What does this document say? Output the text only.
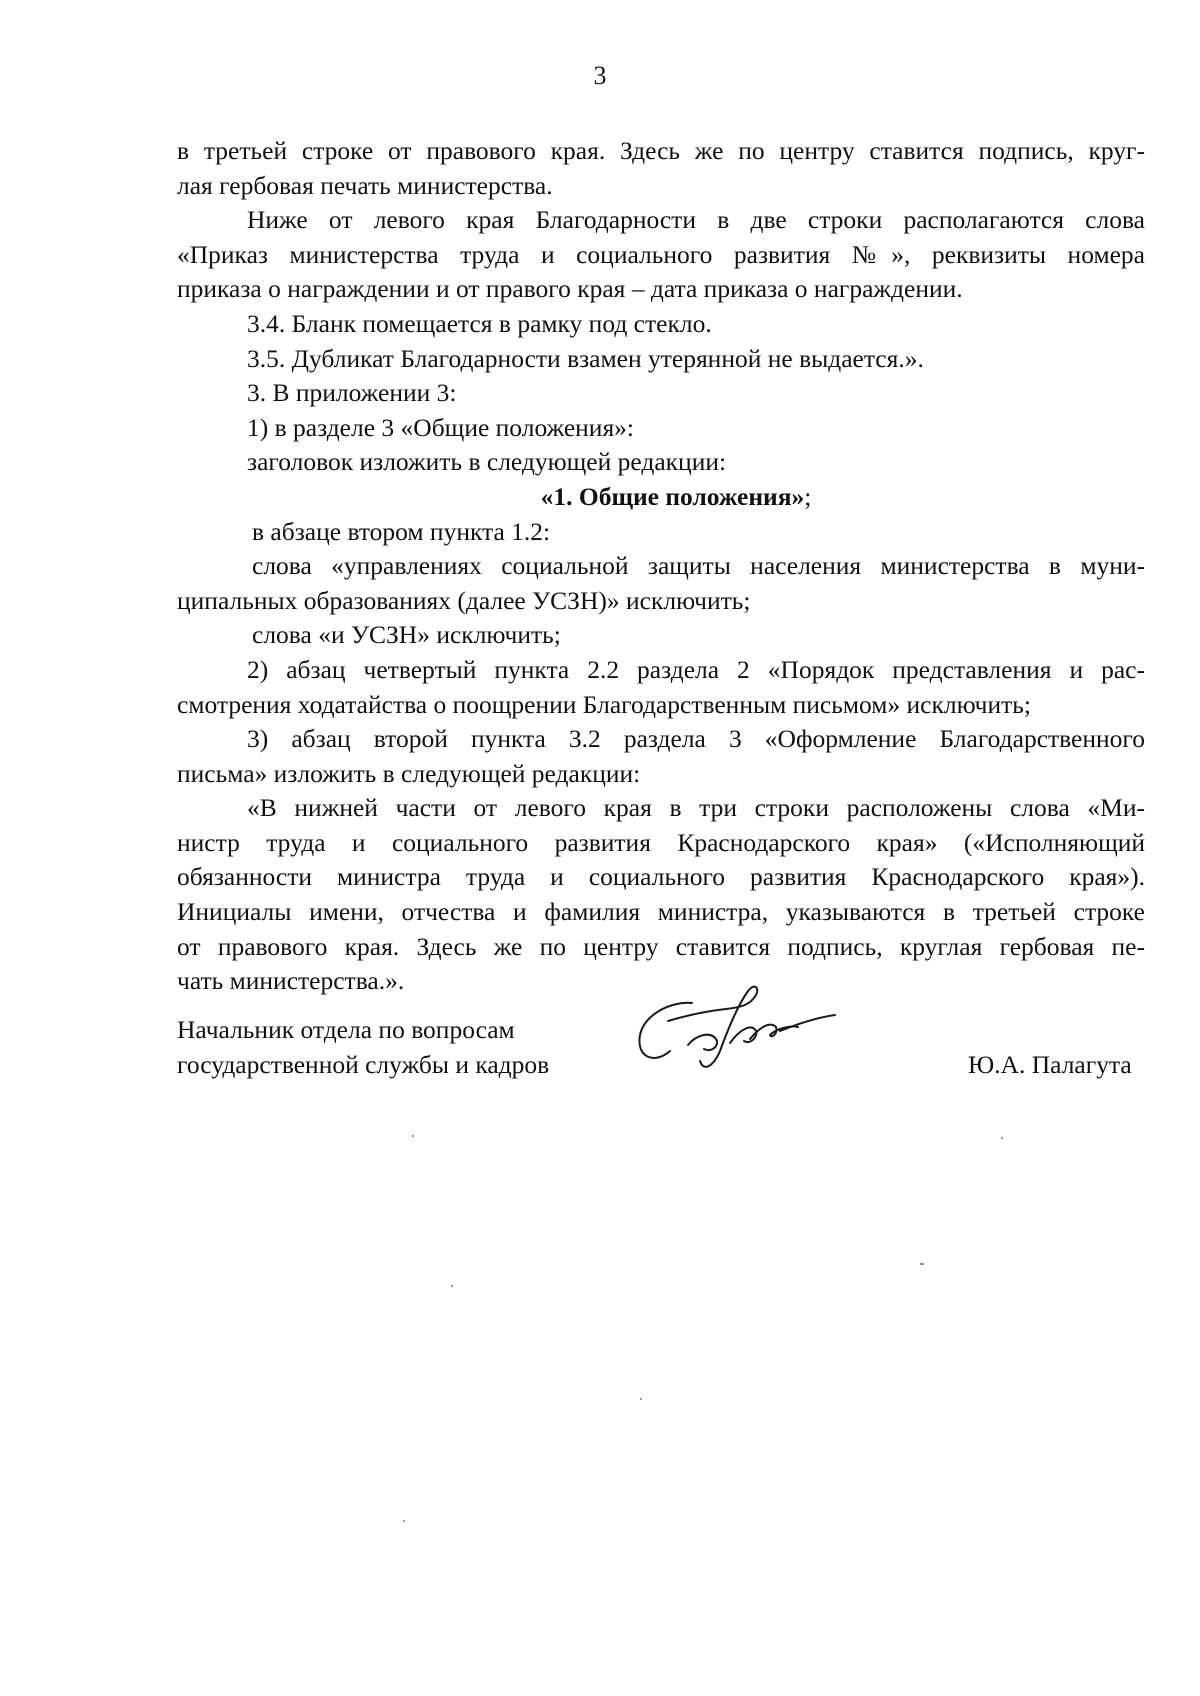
3

в третьей строке от правового края. Здесь же по центру ставится подпись, круг-

лая гербовая печать министерства.

Ниже от левого края Благодарности в две строки располагаются слова

«Приказ министерства труда и социального развития №», реквизиты номера

приказа о награждении и от правого края – дата приказа о награждении.

3.4. Бланк помещается в рамку под стекло.

3.5. Дубликат Благодарности взамен утерянной не выдается.».

3. В приложении 3:

1) в разделе 3 «Общие положения»:

заголовок изложить в следующей редакции:

«1. Общие положения»;

в абзаце втором пункта 1.2:

слова «управлениях социальной защиты населения министерства в муни-

ципальных образованиях (далее УСЗН)» исключить;

слова «и УСЗН» исключить;

2) абзац четвертый пункта 2.2 раздела 2 «Порядок представления и рас-

смотрения ходатайства о поощрении Благодарственным письмом» исключить;

3) абзац второй пункта 3.2 раздела 3 «Оформление Благодарственного

письма» изложить в следующей редакции:

«В нижней части от левого края в три строки расположены слова «Ми-

нистр труда и социального развития Краснодарского края» («Исполняющий

обязанности министра труда и социального развития Краснодарского края»).

Инициалы имени, отчества и фамилия министра, указываются в третьей строке

от правового края. Здесь же по центру ставится подпись, круглая гербовая пе-

чать министерства.».

Начальник отдела по вопросам
государственной службы и кадров	Ю.А. Палагута
